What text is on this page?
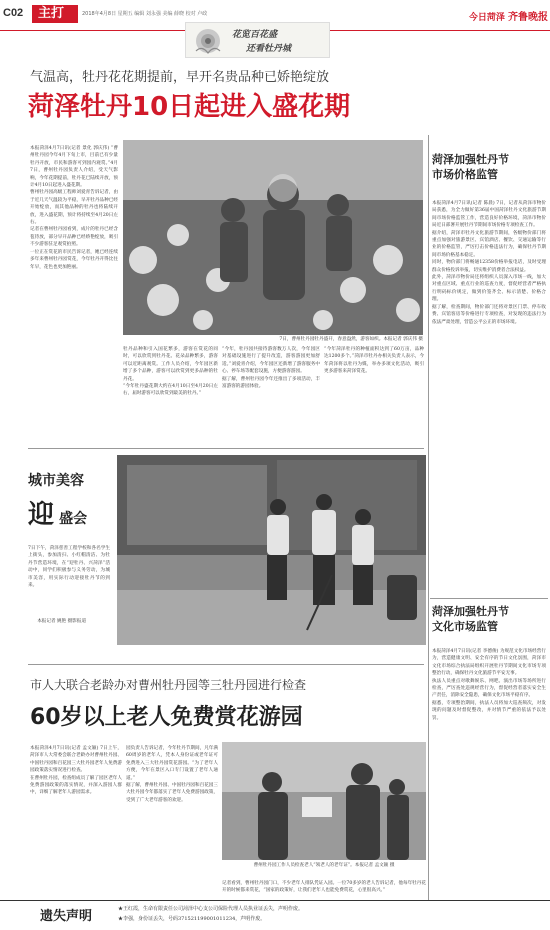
C02	主打	2018年4月8日 星期五 编辑 刘永强 美编 薛晓 校对 卢政	今日菏泽 齐鲁晚报
花览百花盛
还看牡丹城
气温高，牡丹花花期提前，早开名贵品种已娇艳绽放
菏泽牡丹10日起进入盛花期
本报菏泽4月7日讯(记者 景化 郭庆伟) “曹州牡丹园今年4月下旬上市，目前已有少量牡丹开放，市民和游客可到园内观赏。”4月7日，曹州牡丹园负责人介绍，受天气影响，今年花期提前，牡丹花已陆续开放，预计4月10日起进入盛花期。
曹州牡丹园高级工程师刘爱青告诉记者，由于近几天气温较为平稳，早开牡丹品种已经开始绽放，而其他品种的牡丹也将陆续开放，进入盛花期，预计将持续至4月20日左右。
记者在曹州牡丹园看到，成片的牡丹已经含苞待放，部分早开品种已经娇艳绽放，吸引不少游客驻足观赏拍照。
一位正在赏花的市民告诉记者，她已经连续多年来曹州牡丹园赏花，今年牡丹开得比往年早，花色也更加艳丽。
7日，曹州牡丹园牡丹盛开，春意盎然，游客如织。本报记者 郭庆伟 摄
牡丹品种和引入国花繁多，游客在赏花的同时，可以欣赏到牡丹花、花朵品种繁多，游客可以近距离观赏。工作人员介绍，今年园区新增了多个品种，游客可以欣赏到更多品种的牡丹花。
“今年牡丹盛花期大约在4月10日至4月20日左右，届时游客可以欣赏到最美的牡丹。”
“今年，牡丹园共接待游客数万人次，今年园区对基础设施进行了提升改造，游客游园更加舒适。”刘爱青介绍，今年园区还新增了游客服务中心、停车场等配套设施，方便游客游园。
据了解，曹州牡丹园今年还推出了多项活动，丰富游客的游园体验。
“今年菏泽牡丹的种植面积达到了60万亩，品种达1200多个。”菏泽市牡丹办相关负责人表示，今年菏泽将以牡丹为媒，举办多项文化活动，吸引更多游客来菏泽赏花。
菏泽加强牡丹节
市场价格监管
本报菏泽4月7日讯(记者 陈晨) 7日，记者从菏泽市物价局获悉，为全力做好第36届中国菏泽牡丹文化旅游节期间市场价格监管工作，营造良好价格环境，菏泽市物价局近日部署开展牡丹节期间市场价格专项检查工作。
据介绍，菏泽市牡丹文化旅游节期间，各级物价部门将重点加强对旅游景区、宾馆酒店、餐饮、交通运输等行业的价格监管，严厉打击价格违法行为，确保牡丹节期间市场价格基本稳定。
同时，物价部门将畅通12358价格举报电话，及时受理群众价格投诉举报，切实维护消费者合法权益。
此外，菏泽市物价局还将组织人员深入市场一线，加大对重点区域、重点行业的巡查力度，督促经营者严格执行明码标价规定，做到价签齐全、标示清楚、价格合理。
据了解，检查期间，物价部门还将对景区门票、停车收费、宾馆客房等价格进行专项检查，对发现的违法行为依法严肃处理，营造公平公正的市场环境。
菏泽加强牡丹节
文化市场监管
本报菏泽4月7日讯(记者 李德俊) 为规范文化市场经营行为，营造健康文明、安全有序的节日文化氛围，菏泽市文化市场综合执法局组织开展牡丹节期间文化市场专项整治行动，确保牡丹文化旅游节平安无事。
执法人员重点对歌舞娱乐、网吧、演出市场等场所进行检查，严厉查处违规经营行为，督促经营者落实安全生产责任，消除安全隐患，确保文化市场平稳有序。
据悉，专项整治期间，执法人员将加大巡查频次，对发现的问题及时督促整改，并对情节严重的依法予以处罚。
城市美容
迎 盛会
7日下午，菏泽慈善工程学校和各名学生上街头，参加清扫、小红帽清洁、为牡丹节营造环境，在“迎牡丹、兴菏泽”活动中，同学们积极参与义务劳动，为城市美容，用实际行动迎接牡丹节的到来。
本报记者 姚艳 摄影报道
市人大联合老龄办对曹州牡丹园等三牡丹园进行检查
60岁以上老人免费赏花游园
本报菏泽4月7日讯(记者 孟文颖) 7日上午，菏泽市人大常委会联合老龄办对曹州牡丹园、中国牡丹园和百花园三大牡丹园老年人免费游园政策落实情况进行检查。
在曹州牡丹园，检查组成员了解了园区老年人免费游园政策的落实情况，并深入游园人群中，详细了解老年人游园需求。
园负责人告诉记者，今年牡丹节期间，凡年满60周岁的老年人，凭本人身份证或老年证可免费进入三大牡丹园赏花游园。“为了老年人方便，今年在景区入口专门设置了老年人通道。”
据了解，曹州牡丹园、中国牡丹园和百花园三大牡丹园今年都落实了老年人免费游园政策，受到了广大老年游客的欢迎。
曹州牡丹园工作人员检查老人“领老人的老年证”。本报记者 孟文颖 摄
记者看到，曹州牡丹园门口，不少老年人排队凭证入园。一位70多岁的老人告诉记者，他每年牡丹花开的时候都来赏花，“国家的政策好，让我们老年人也能免费赏花，心里很高兴。”
遗失声明	★王红霞，生命有限责任公司菏泽中心支公司保险代理人员执业证丢失，声明作废。
★李强，身份证丢失，号码371521199001011234，声明作废。
